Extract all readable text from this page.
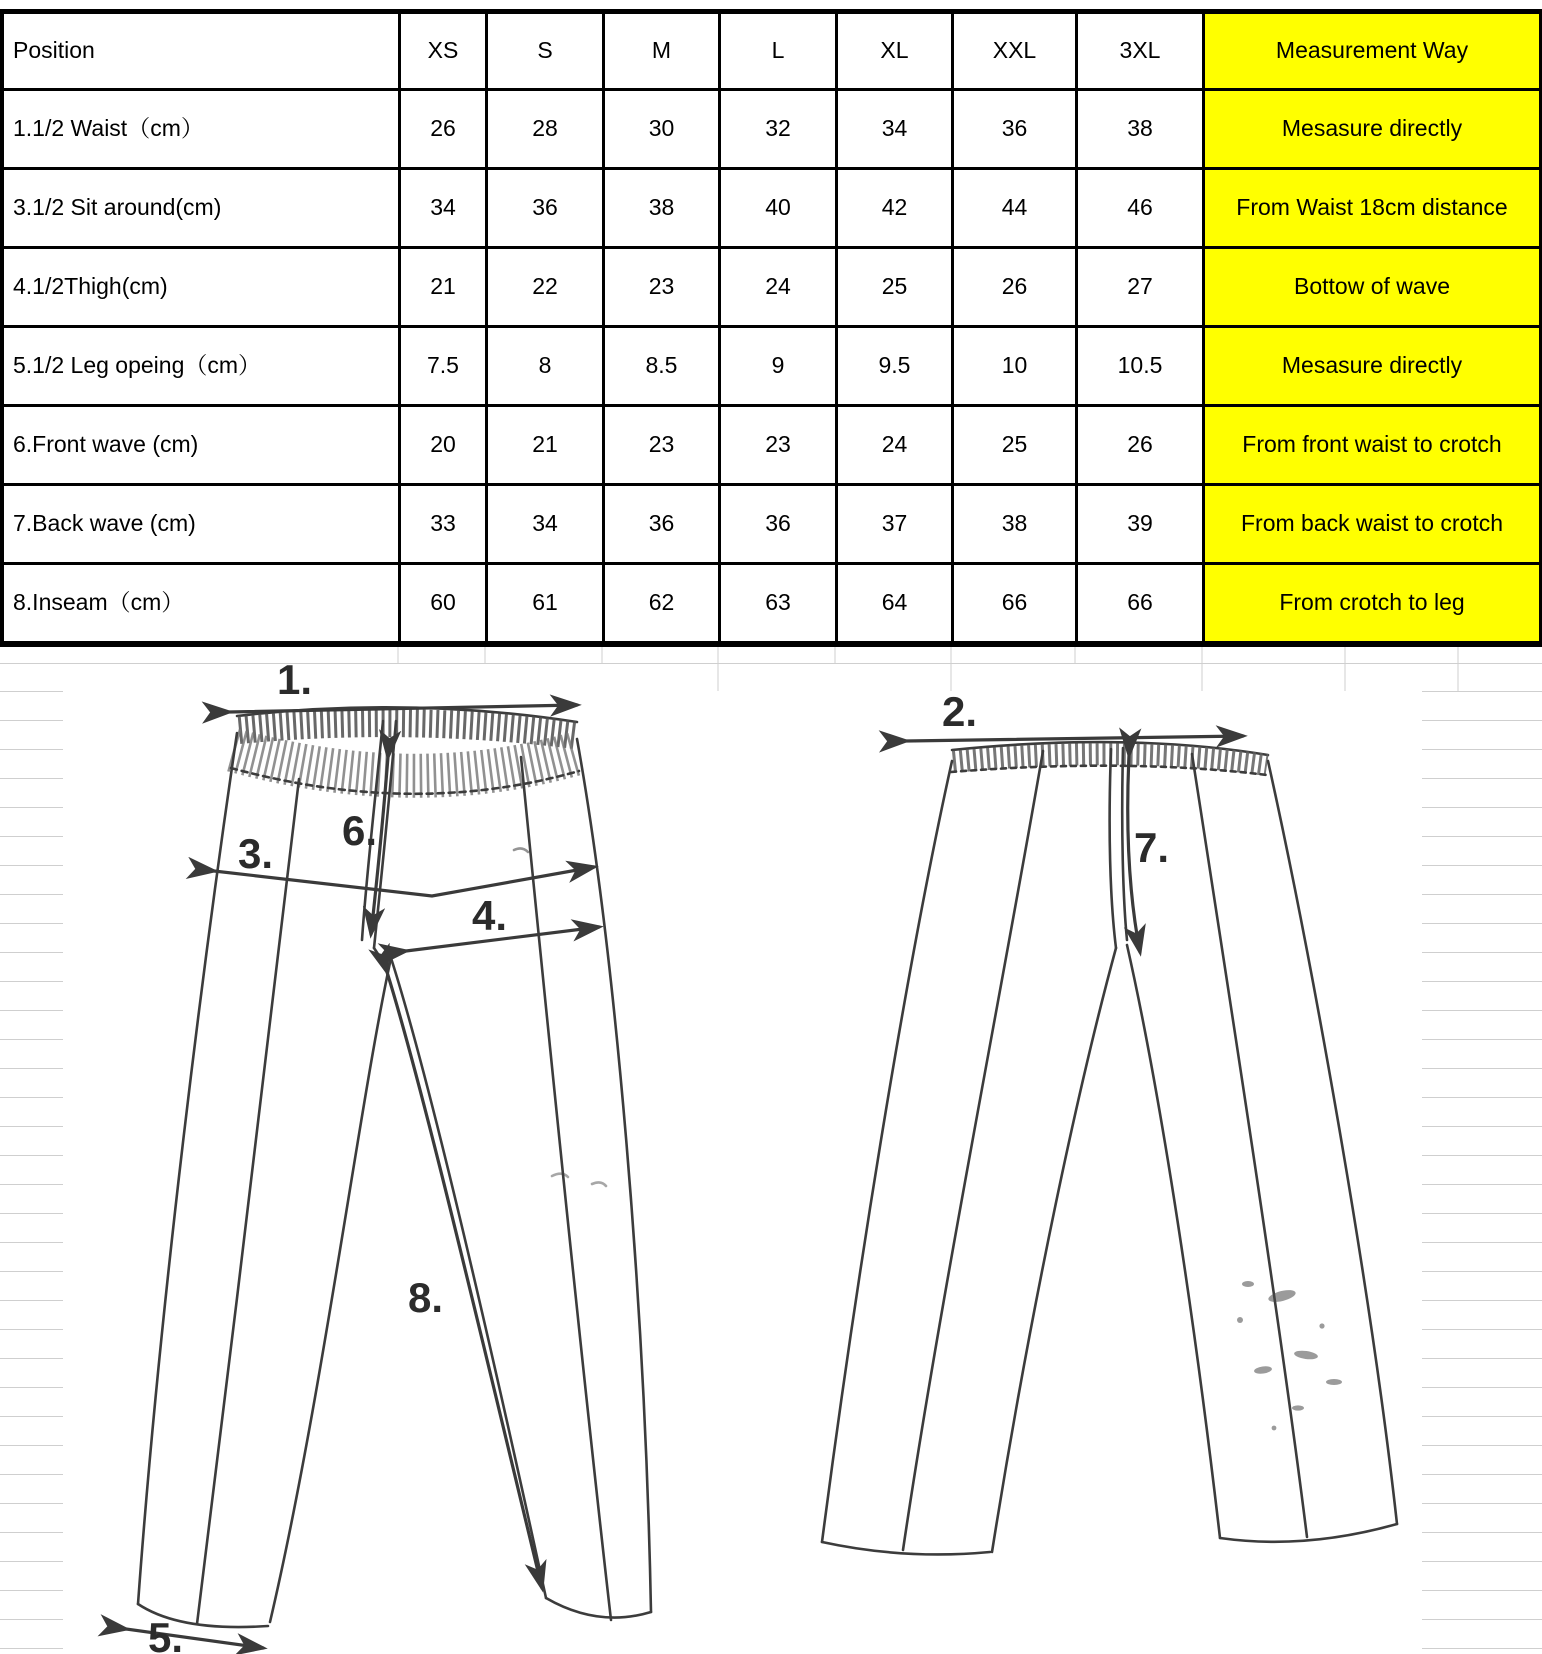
Position	XS	S	M	L	XL	XXL	3XL	Measurement Way
1.1/2 Waist（cm）	26	28	30	32	34	36	38	Mesasure directly
3.1/2 Sit around(cm)	34	36	38	40	42	44	46	From Waist 18cm distance
4.1/2Thigh(cm)	21	22	23	24	25	26	27	Bottow of wave
5.1/2 Leg opeing（cm）	7.5	8	8.5	9	9.5	10	10.5	Mesasure directly
6.Front wave (cm)	20	21	23	23	24	25	26	From front waist to crotch
7.Back wave (cm)	33	34	36	36	37	38	39	From back waist to crotch
8.Inseam（cm）	60	61	62	63	64	66	66	From crotch to leg
1.
3.
4.
5.
6.
8.
2.
7.
